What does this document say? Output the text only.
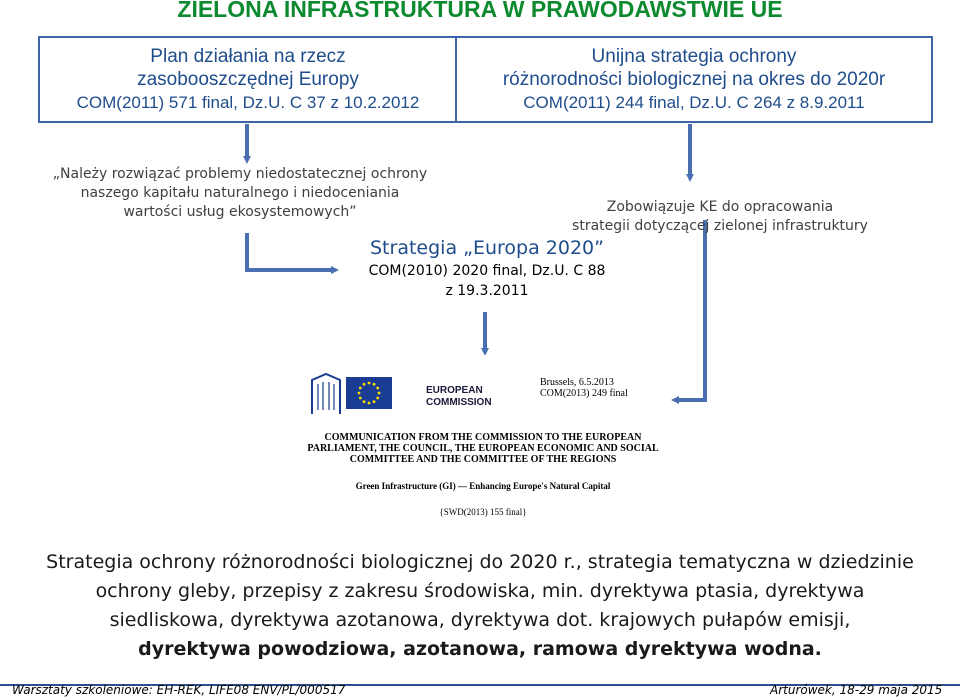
ZIELONA INFRASTRUKTURA W PRAWODAWSTWIE UE
Plan działania na rzecz
zasobooszczędnej Europy
COM(2011) 571 final, Dz.U. C 37 z 10.2.2012
Unijna strategia ochrony
różnorodności biologicznej na okres do 2020r
COM(2011) 244 final, Dz.U. C 264 z 8.9.2011
„Należy rozwiązać problemy niedostatecznej ochrony
naszego kapitału naturalnego i niedoceniania
wartości usług ekosystemowych”	Zobowiązuje KE do opracowania
strategii dotyczącej zielonej infrastruktury
Strategia „Europa 2020”
COM(2010) 2020 final, Dz.U. C 88
z 19.3.2011
EUROPEAN
COMMISSION
Brussels, 6.5.2013
COM(2013) 249 final
COMMUNICATION FROM THE COMMISSION TO THE EUROPEAN
PARLIAMENT, THE COUNCIL, THE EUROPEAN ECONOMIC AND SOCIAL
COMMITTEE AND THE COMMITTEE OF THE REGIONS
Green Infrastructure (GI) — Enhancing Europe's Natural Capital
{SWD(2013) 155 final}
Strategia ochrony różnorodności biologicznej do 2020 r., strategia tematyczna w dziedzinie
ochrony gleby, przepisy z zakresu środowiska, min. dyrektywa ptasia, dyrektywa
siedliskowa, dyrektywa azotanowa, dyrektywa dot. krajowych pułapów emisji,
dyrektywa powodziowa, azotanowa, ramowa dyrektywa wodna.
Warsztaty szkoleniowe: EH-REK, LIFE08 ENV/PL/000517	Arturówek, 18-29 maja 2015
